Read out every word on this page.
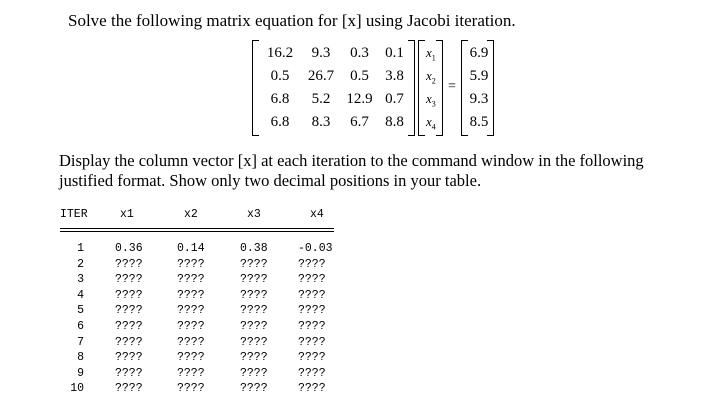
Solve the following matrix equation for [x] using Jacobi iteration.
16.2	9.3	0.3	0.1
0.5	26.7	0.5	3.8
6.8	5.2	12.9 0.7
6.8	8.3	6.7	8.8
$x_1$
$x_2$
$x_3$
$x_4$
=
6.9
5.9
9.3
8.5
Display the column vector [x] at each iteration to the command window in the following justified format. Show only two decimal positions in your table.
ITER	x1	x2	x3	x4
1	0.36	0.14	0.38	-0.03
2	????	????	????	????
3	????	????	????	????
4	????	????	????	????
5	????	????	????	????
6	????	????	????	????
7	????	????	????	????
8	????	????	????	????
9	????	????	????	????
10	????	????	????	????
